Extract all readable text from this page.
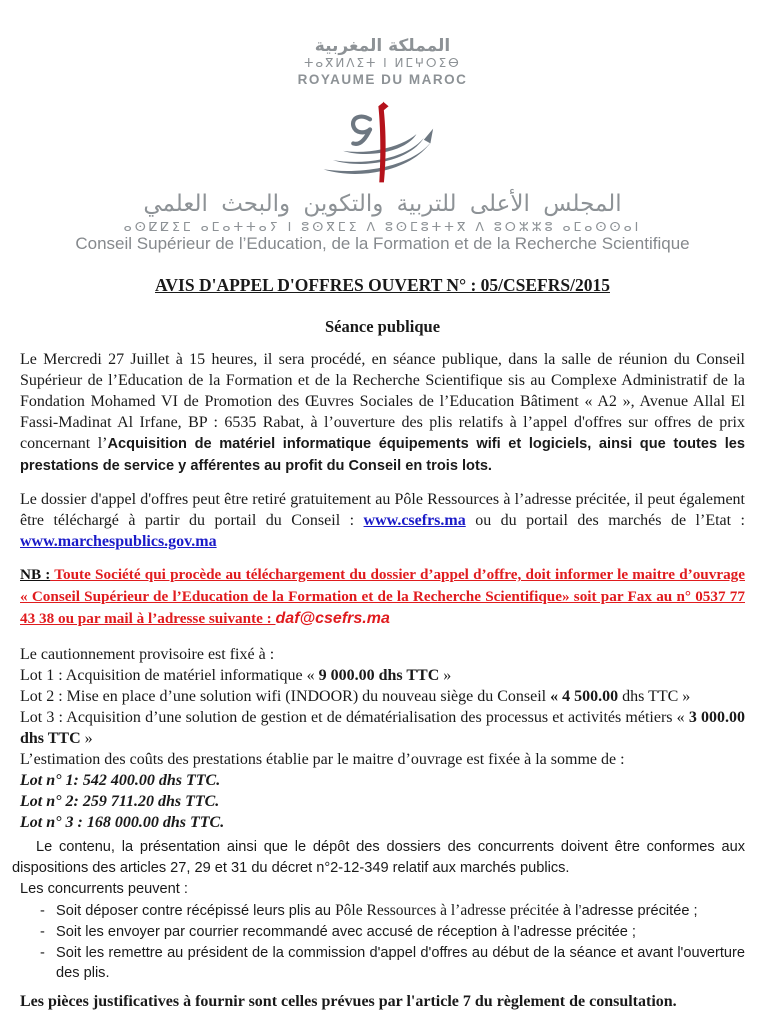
المملكة المغربية
ⵜⴰⴳⵍⴷⵉⵜ ⵏ ⵍⵎⵖⵔⵉⴱ
ROYAUME DU MAROC
المجلس الأعلى للتربية والتكوين والبحث العلمي
ⴰⵙⵇⵇⵉⵎ ⴰⵎⴰⵜⵜⴰⵢ ⵏ ⵓⵙⴳⵎⵉ ⴷ ⵓⵙⵎⵓⵜⵜⴳ ⴷ ⵓⵔⵣⵣⵓ ⴰⵎⴰⵙⵙⴰⵏ
Conseil Supérieur de l’Education, de la Formation et de la Recherche Scientifique
AVIS D'APPEL D'OFFRES OUVERT N° : 05/CSEFRS/2015
Séance publique

Le Mercredi 27 Juillet à 15 heures, il sera procédé, en séance publique, dans la salle de réunion du Conseil Supérieur de l’Education de la Formation et de la Recherche Scientifique sis au Complexe Administratif de la Fondation Mohamed VI de Promotion des Œuvres Sociales de l’Education Bâtiment « A2 », Avenue Allal El Fassi-Madinat Al Irfane, BP : 6535 Rabat, à l’ouverture des plis relatifs à l’appel d'offres sur offres de prix concernant l’Acquisition de matériel informatique équipements wifi et logiciels, ainsi que toutes les prestations de service y afférentes au profit du Conseil en trois lots.

Le dossier d'appel d'offres peut être retiré gratuitement au Pôle Ressources à l’adresse précitée, il peut également être téléchargé à partir du portail du Conseil : www.csefrs.ma ou du portail des marchés de l’Etat : www.marchespublics.gov.ma

NB : Toute Société qui procède au téléchargement du dossier d’appel d’offre, doit informer le maitre d’ouvrage « Conseil Supérieur de l’Education de la Formation et de la Recherche Scientifique» soit par Fax au n° 0537 77 43 38 ou par mail à l’adresse suivante : daf@csefrs.ma

Le cautionnement provisoire est fixé à :

Lot 1 : Acquisition de matériel informatique « 9 000.00 dhs TTC »

Lot 2 : Mise en place d’une solution wifi (INDOOR) du nouveau siège du Conseil « 4 500.00 dhs TTC »

Lot 3 : Acquisition d’une solution de gestion et de dématérialisation des processus et activités métiers « 3 000.00 dhs TTC »

L’estimation des coûts des prestations établie par le maitre d’ouvrage est fixée à la somme de :

Lot n° 1: 542 400.00 dhs TTC.

Lot n° 2: 259 711.20 dhs TTC.

Lot n° 3 : 168 000.00 dhs TTC.

Le contenu, la présentation ainsi que le dépôt des dossiers des concurrents doivent être conformes aux dispositions des articles 27, 29 et 31 du décret n°2-12-349 relatif aux marchés publics.

Les concurrents peuvent :

- Soit déposer contre récépissé leurs plis au Pôle Ressources à l’adresse précitée à l’adresse précitée ;
- Soit les envoyer par courrier recommandé avec accusé de réception à l’adresse précitée ;
- Soit les remettre au président de la commission d'appel d'offres au début de la séance et avant l'ouverture des plis.

Les pièces justificatives à fournir sont celles prévues par l'article 7 du règlement de consultation.
